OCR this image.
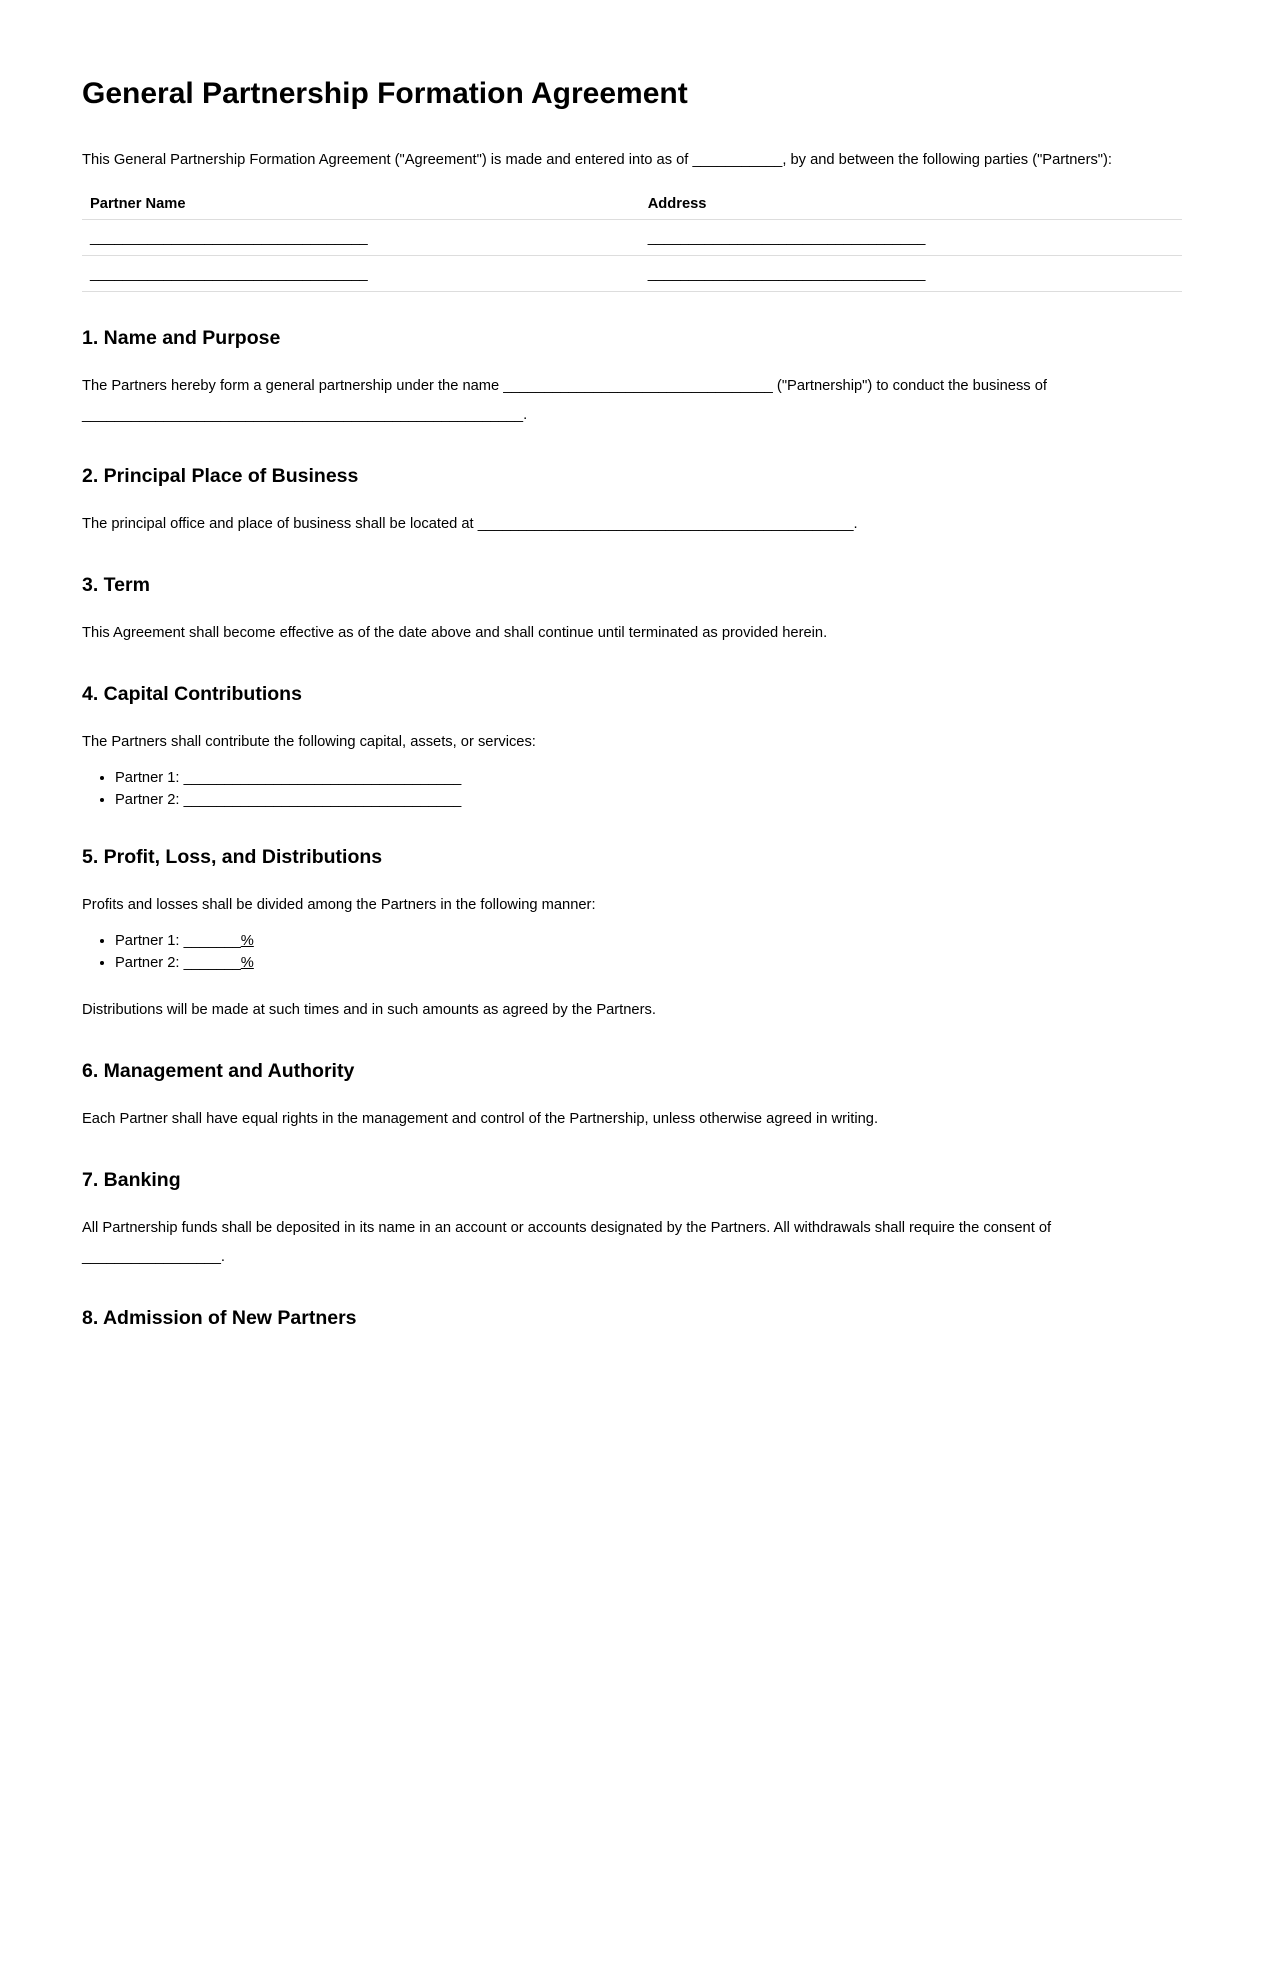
General Partnership Formation Agreement

This General Partnership Formation Agreement ("Agreement") is made and entered into as of ___________, by and between the following parties ("Partners"):

Partner Name	Address
__________________________________	__________________________________
__________________________________	__________________________________
1. Name and Purpose

The Partners hereby form a general partnership under the name _________________________________ ("Partnership") to conduct the business of ______________________________________________________.

2. Principal Place of Business

The principal office and place of business shall be located at ______________________________________________.

3. Term

This Agreement shall become effective as of the date above and shall continue until terminated as provided herein.

4. Capital Contributions

The Partners shall contribute the following capital, assets, or services:

• Partner 1: __________________________________
• Partner 2: __________________________________
5. Profit, Loss, and Distributions

Profits and losses shall be divided among the Partners in the following manner:

• Partner 1: _______%
• Partner 2: _______%

Distributions will be made at such times and in such amounts as agreed by the Partners.

6. Management and Authority

Each Partner shall have equal rights in the management and control of the Partnership, unless otherwise agreed in writing.

7. Banking

All Partnership funds shall be deposited in its name in an account or accounts designated by the Partners. All withdrawals shall require the consent of _________________.

8. Admission of New Partners
